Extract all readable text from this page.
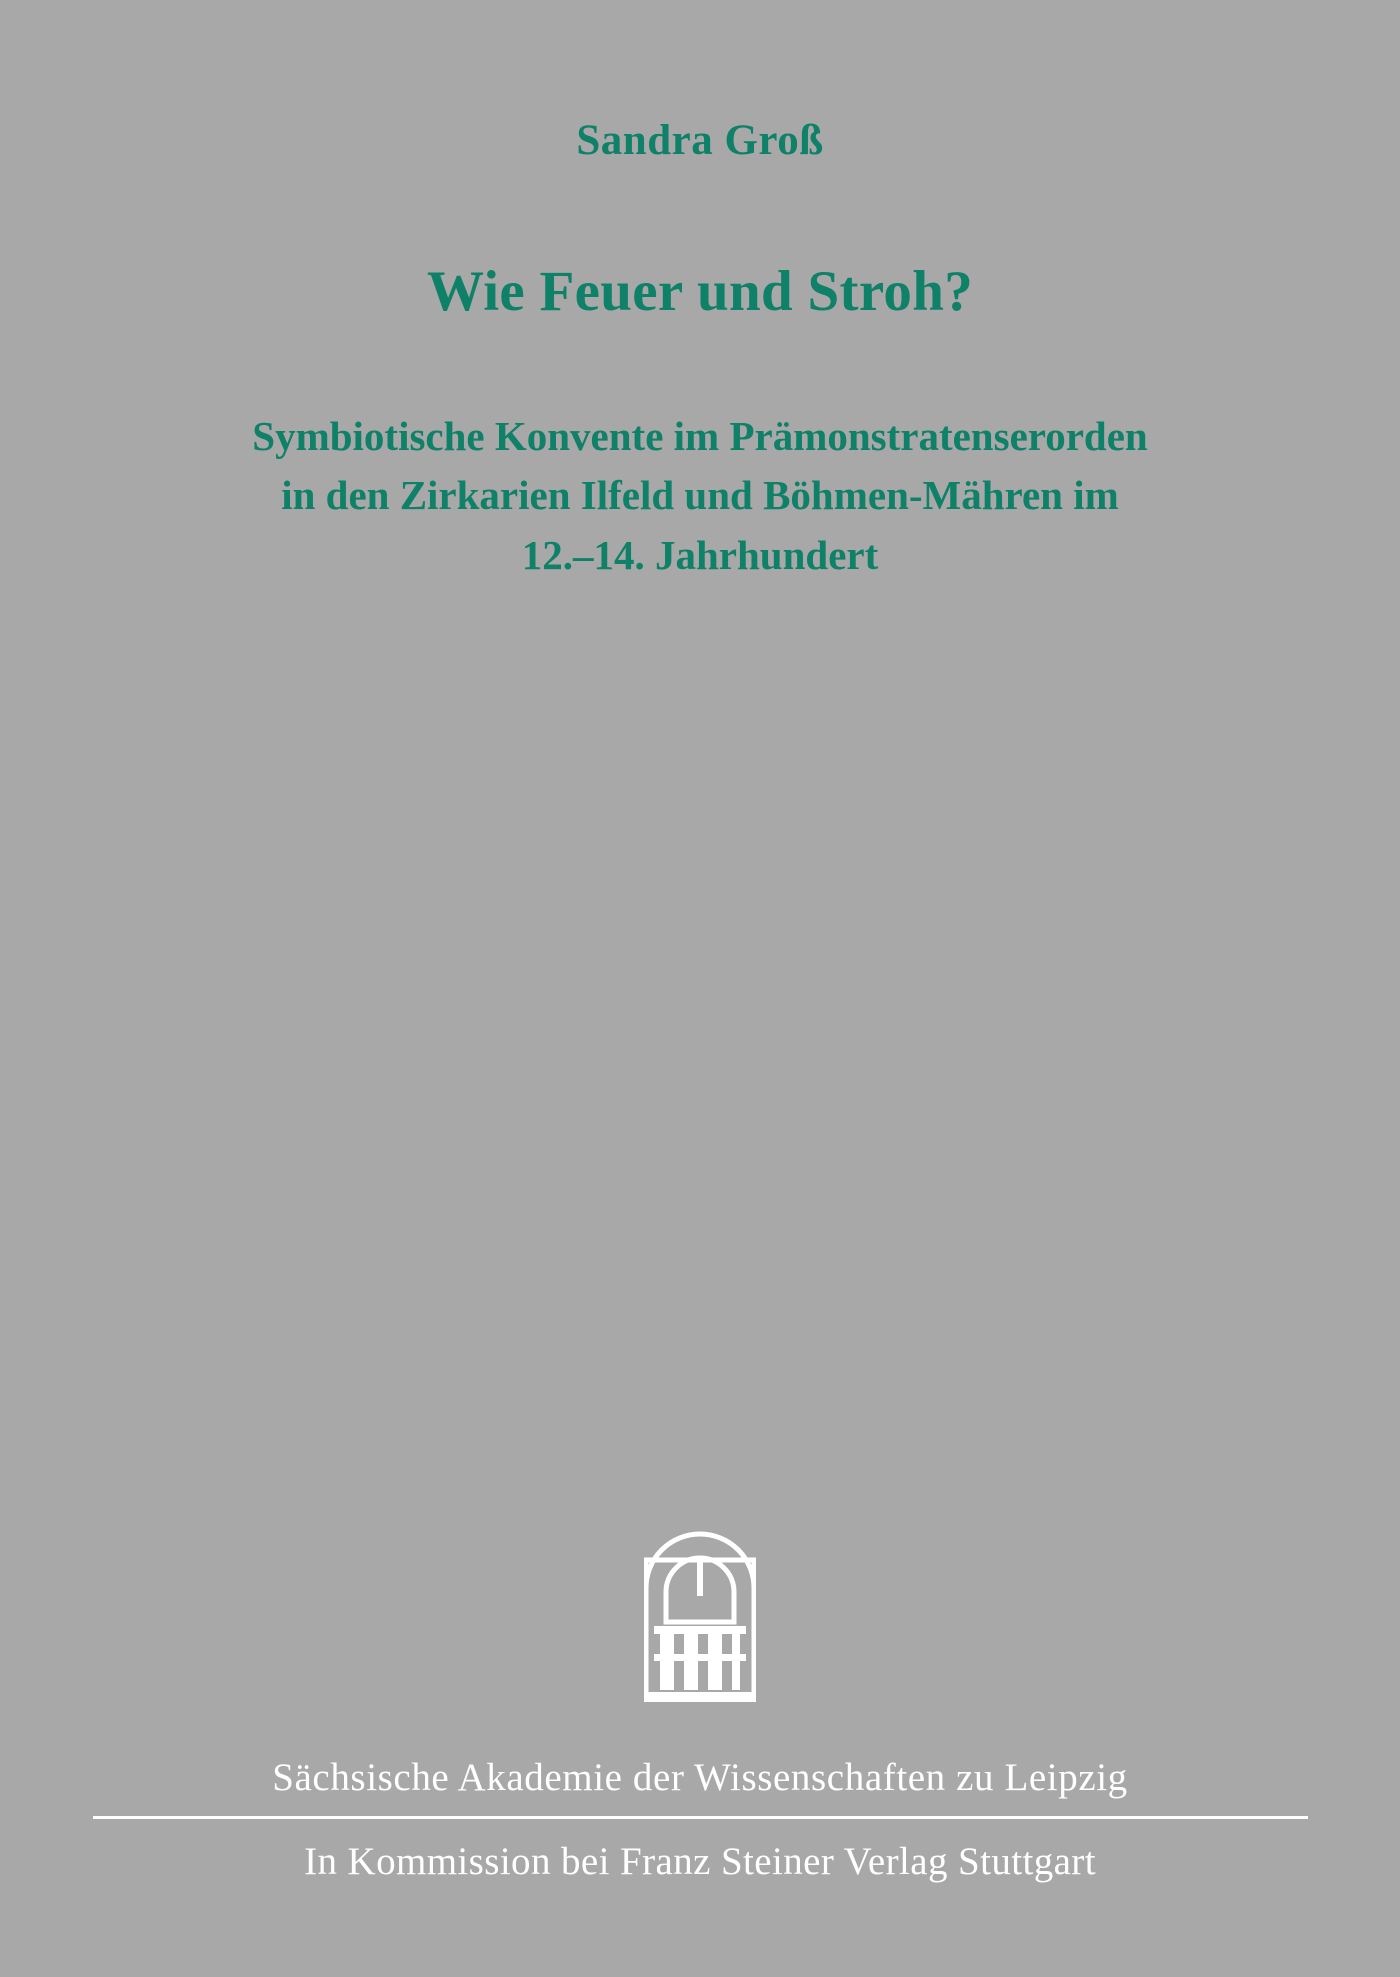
Sandra Groß
Wie Feuer und Stroh?
Symbiotische Konvente im Prämonstratenserorden
in den Zirkarien Ilfeld und Böhmen-Mähren im
12.–14. Jahrhundert
Sächsische Akademie der Wissenschaften zu Leipzig
In Kommission bei Franz Steiner Verlag Stuttgart
